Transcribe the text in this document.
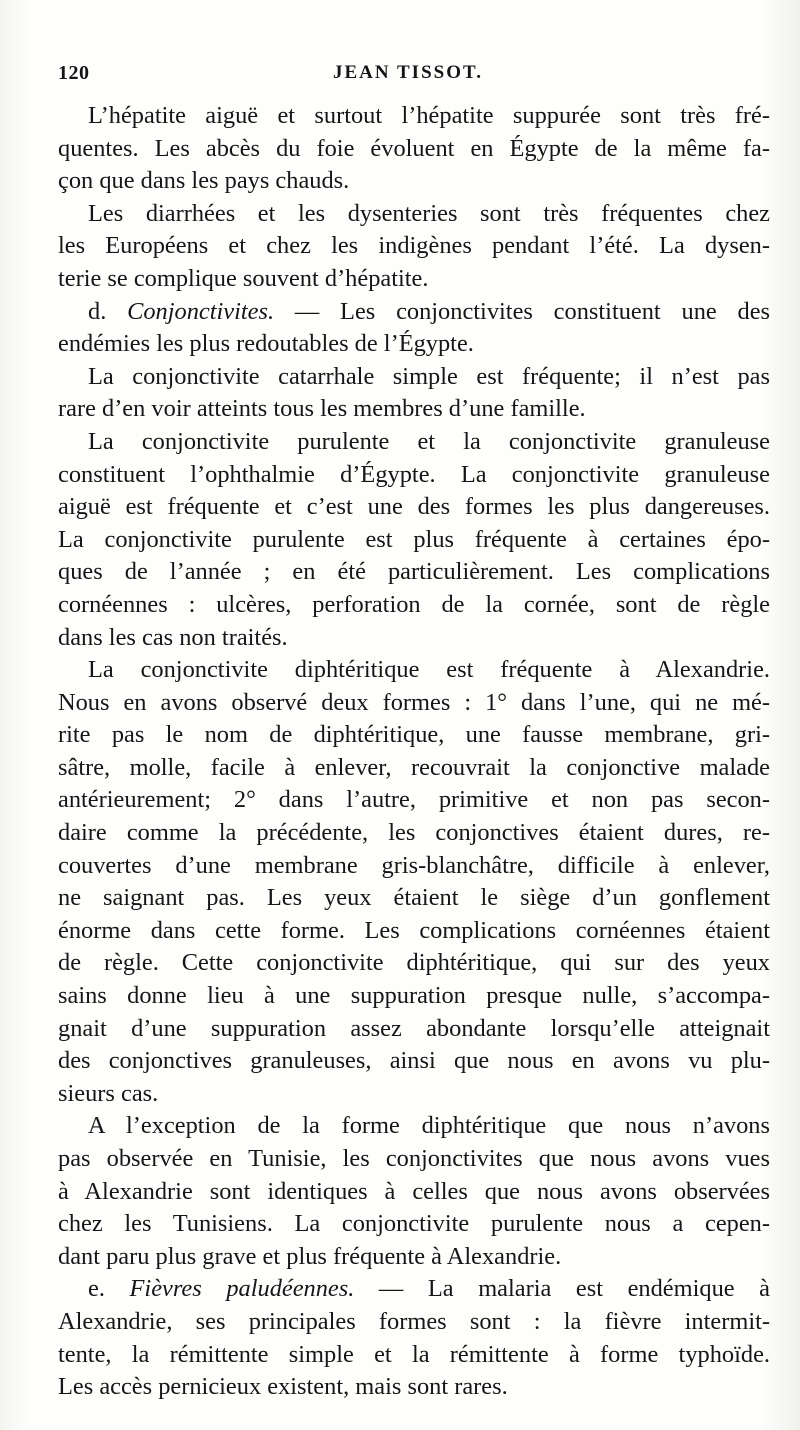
120	JEAN TISSOT.
L’hépatite aiguë et surtout l’hépatite suppurée sont très fré-
quentes. Les abcès du foie évoluent en Égypte de la même fa-
çon que dans les pays chauds.
Les diarrhées et les dysenteries sont très fréquentes chez
les Européens et chez les indigènes pendant l’été. La dysen-
terie se complique souvent d’hépatite.
d. Conjonctivites. — Les conjonctivites constituent une des
endémies les plus redoutables de l’Égypte.
La conjonctivite catarrhale simple est fréquente; il n’est pas
rare d’en voir atteints tous les membres d’une famille.
La conjonctivite purulente et la conjonctivite granuleuse
constituent l’ophthalmie d’Égypte. La conjonctivite granuleuse
aiguë est fréquente et c’est une des formes les plus dangereuses.
La conjonctivite purulente est plus fréquente à certaines épo-
ques de l’année ; en été particulièrement. Les complications
cornéennes : ulcères, perforation de la cornée, sont de règle
dans les cas non traités.
La conjonctivite diphtéritique est fréquente à Alexandrie.
Nous en avons observé deux formes : 1° dans l’une, qui ne mé-
rite pas le nom de diphtéritique, une fausse membrane, gri-
sâtre, molle, facile à enlever, recouvrait la conjonctive malade
antérieurement; 2° dans l’autre, primitive et non pas secon-
daire comme la précédente, les conjonctives étaient dures, re-
couvertes d’une membrane gris-blanchâtre, difficile à enlever,
ne saignant pas. Les yeux étaient le siège d’un gonflement
énorme dans cette forme. Les complications cornéennes étaient
de règle. Cette conjonctivite diphtéritique, qui sur des yeux
sains donne lieu à une suppuration presque nulle, s’accompa-
gnait d’une suppuration assez abondante lorsqu’elle atteignait
des conjonctives granuleuses, ainsi que nous en avons vu plu-
sieurs cas.
A l’exception de la forme diphtéritique que nous n’avons
pas observée en Tunisie, les conjonctivites que nous avons vues
à Alexandrie sont identiques à celles que nous avons observées
chez les Tunisiens. La conjonctivite purulente nous a cepen-
dant paru plus grave et plus fréquente à Alexandrie.
e. Fièvres paludéennes. — La malaria est endémique à
Alexandrie, ses principales formes sont : la fièvre intermit-
tente, la rémittente simple et la rémittente à forme typhoïde.
Les accès pernicieux existent, mais sont rares.
